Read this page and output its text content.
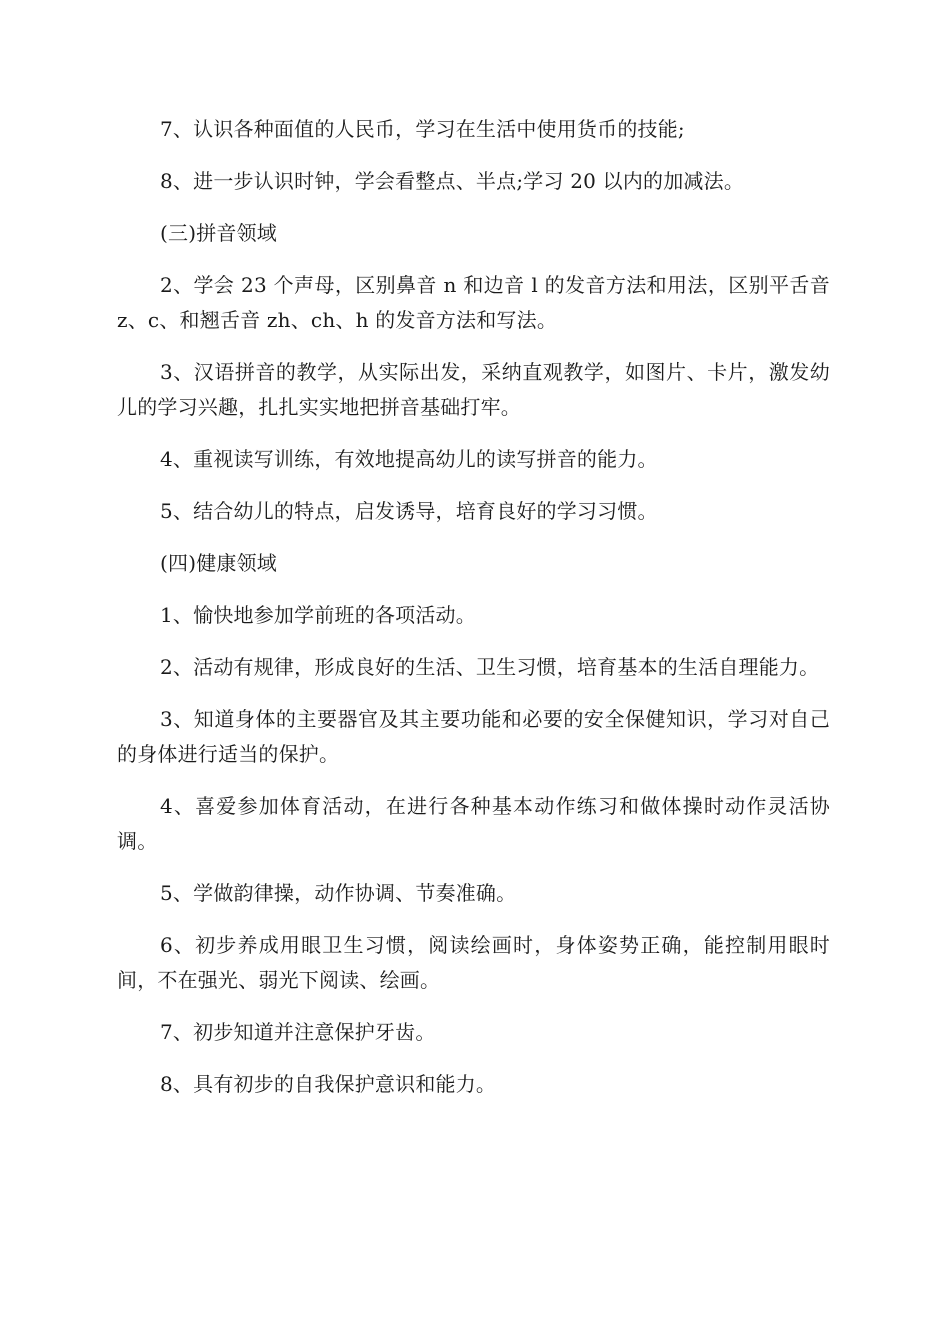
7、认识各种面值的人民币，学习在生活中使用货币的技能;

8、进一步认识时钟，学会看整点、半点;学习 20 以内的加减法。

(三)拼音领域

2、学会 23 个声母，区别鼻音 n 和边音 l 的发音方法和用法，区别平舌音 z、c、和翘舌音 zh、ch、h 的发音方法和写法。

3、汉语拼音的教学，从实际出发，采纳直观教学，如图片、卡片，激发幼儿的学习兴趣，扎扎实实地把拼音基础打牢。

4、重视读写训练，有效地提高幼儿的读写拼音的能力。

5、结合幼儿的特点，启发诱导，培育良好的学习习惯。

(四)健康领域

1、愉快地参加学前班的各项活动。

2、活动有规律，形成良好的生活、卫生习惯，培育基本的生活自理能力。

3、知道身体的主要器官及其主要功能和必要的安全保健知识，学习对自己的身体进行适当的保护。

4、喜爱参加体育活动，在进行各种基本动作练习和做体操时动作灵活协调。

5、学做韵律操，动作协调、节奏准确。

6、初步养成用眼卫生习惯，阅读绘画时，身体姿势正确，能控制用眼时间，不在强光、弱光下阅读、绘画。

7、初步知道并注意保护牙齿。

8、具有初步的自我保护意识和能力。
